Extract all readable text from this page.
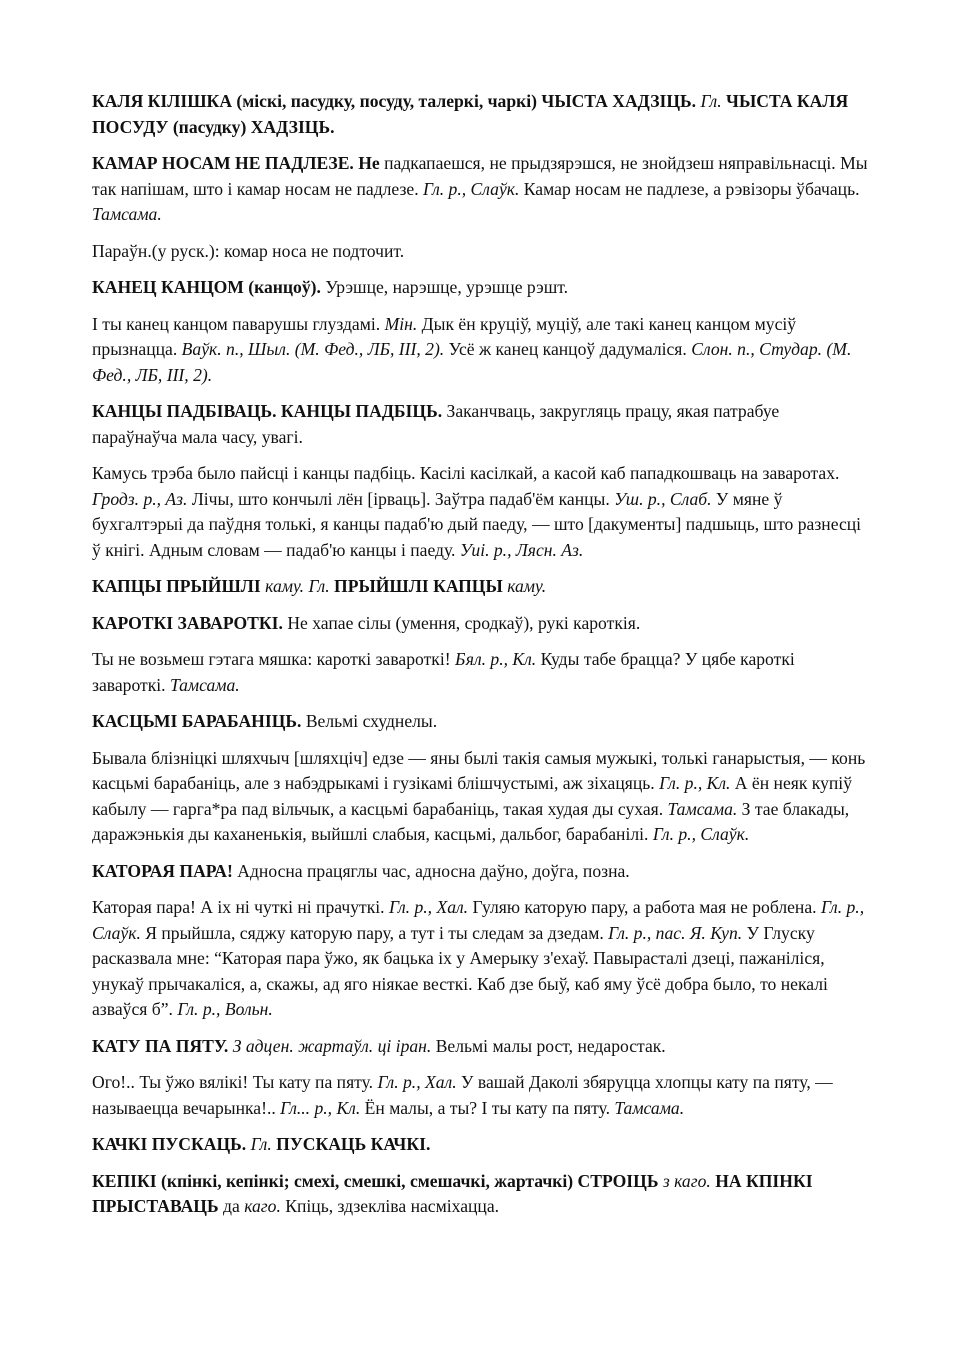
КАЛЯ КІЛІШКА (міскі, пасудку, посуду, талеркі, чаркі) ЧЫСТА ХАДЗІЦЬ. Гл. ЧЫСТА КАЛЯ ПОСУДУ (пасудку) ХАДЗІЦЬ.

КАМАР НОСАМ НЕ ПАДЛЕЗЕ. Не падкапаешся, не прыдзярэшся, не знойдзеш няправільнасці. Мы так напішам, што і камар носам не падлезе. Гл. р., Слаўк. Камар носам не падлезе, а рэвізоры ўбачаць. Тамсама.

Параўн.(у руск.): комар носа не подточит.

КАНЕЦ КАНЦОМ (канцоў). Урэшце, нарэшце, урэшце рэшт.

І ты канец канцом паварушы глуздамі. Мін. Дык ён круціў, муціў, але такі канец канцом мусіў прызнацца. Ваўк. п., Шыл. (М. Фед., ЛБ, III, 2). Усё ж канец канцоў дадумаліся. Слон. п., Студар. (М. Фед., ЛБ, III, 2).

КАНЦЫ ПАДБІВАЦЬ. КАНЦЫ ПАДБІЦЬ. Заканчваць, закругляць працу, якая патрабуе параўнаўча мала часу, увагі.

Камусь трэба было пайсці і канцы падбіць. Касілі касілкай, а касой каб пападкошваць на заваротах. Гродз. р., Аз. Лічы, што кончылі лён [ірваць]. Заўтра падаб'ём канцы. Уш. р., Слаб. У мяне ў бухгалтэрыі да паўдня толькі, я канцы падаб'ю дый паеду, — што [дакументы] падшыць, што разнесці ў кнігі. Адным словам — падаб'ю канцы і паеду. Уиі. р., Лясн. Аз.

КАПЦЫ ПРЫЙШЛІ каму. Гл. ПРЫЙШЛІ КАПЦЫ каму.

КАРОТКІ ЗАВАРОТКІ. Не хапае сілы (умення, сродкаў), рукі кароткія.

Ты не возьмеш гэтага мяшка: кароткі завароткі! Бял. р., Кл. Куды табе брацца? У цябе кароткі завароткі. Тамсама.

КАСЦЬМІ БАРАБАНІЦЬ. Вельмі схуднелы.

Бывала блізніцкі шляхчыч [шляхціч] едзе — яны былі такія самыя мужыкі, толькі ганарыстыя, — конь касцьмі барабаніць, але з набэдрыкамі і гузікамі блішчустымі, аж зіхацяць. Гл. р., Кл. А ён нeяк купіў кабылу — гаргa*ра пад вільчык, а касцьмі барабаніць, такая худая ды сухая. Тамсама. З тае блакады, даражэнькія ды каханенькія, выйшлі слабыя, касцьмі, дальбог, барабанілі. Гл. р., Слаўк.

КАТОРАЯ ПАРА! Адносна працяглы час, адносна даўно, доўга, позна.

Каторая пара! А іх ні чуткі ні прачуткі. Гл. р., Хал. Гуляю каторую пару, а работа мая не роблена. Гл. р., Слаўк. Я прыйшла, сяджу каторую пару, а тут і ты следам за дзедам. Гл. р., пас. Я. Куп. У Глуску расказвала мне: “Каторая пара ўжо, як бацька іх у Амерыку з'ехаў. Павырасталі дзеці, пажаніліся, унукаў прычакаліся, а, скажы, ад яго ніякае весткі. Каб дзе быў, каб яму ўсё добра было, то некалі азваўся б”. Гл. р., Вольн.

КАТУ ПА ПЯТУ. З адцен. жартаўл. ці іран. Вельмі малы рост, недаростак.

Ого!.. Ты ўжо вялікі! Ты кату па пяту. Гл. р., Хал. У вашай Даколі збяруцца хлопцы кату па пяту, — называецца вечарынка!.. Гл... р., Кл. Ён малы, а ты? І ты кату па пяту. Тамсама.

КАЧКІ ПУСКАЦЬ. Гл. ПУСКАЦЬ КАЧКІ.

КЕПІКІ (кпінкі, кепінкі; смехі, смешкі, смешачкі, жартачкі) СТРОІЦЬ з каго. НА КПІНКІ ПРЫСТАВАЦЬ да каго. Кпіць, здзекліва насміхацца.
